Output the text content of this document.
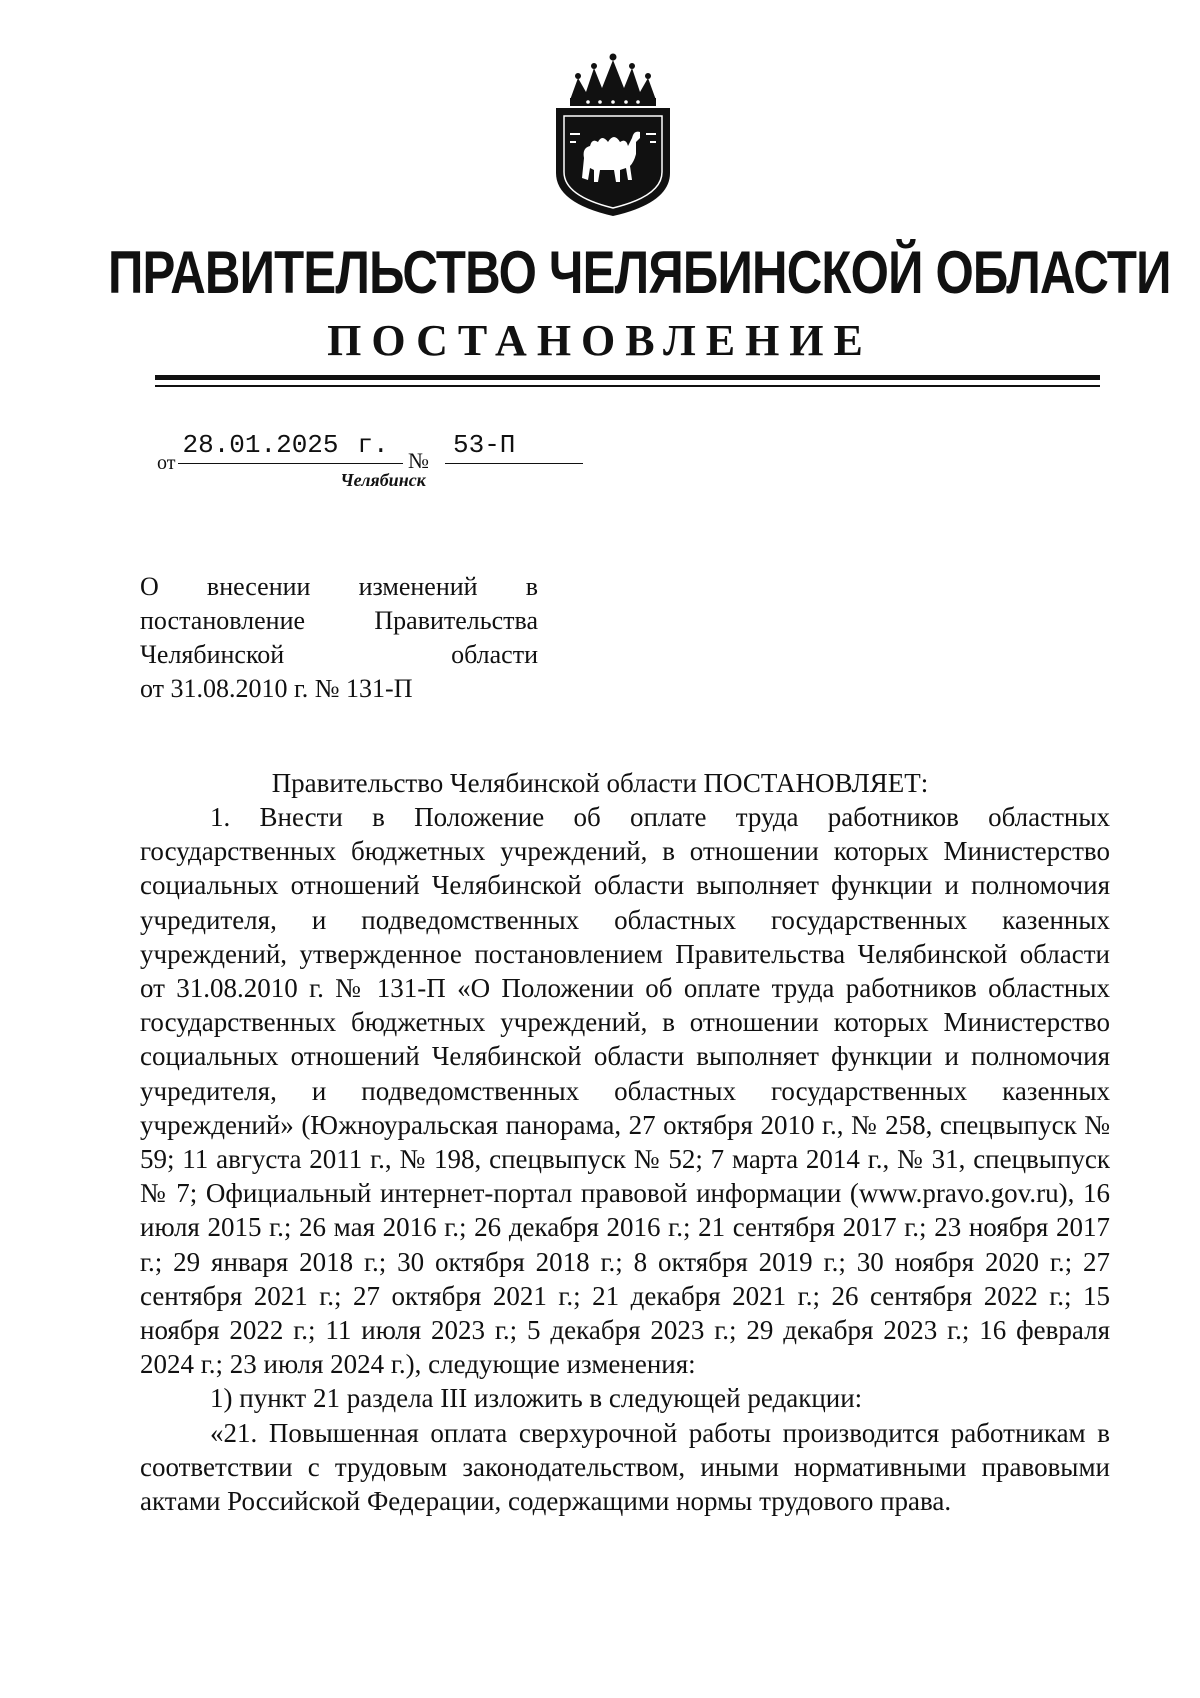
ПРАВИТЕЛЬСТВО ЧЕЛЯБИНСКОЙ ОБЛАСТИ
ПОСТАНОВЛЕНИЕ
от
28.01.2025 г.
№
53-П
Челябинск
О внесении изменений в
постановление Правительства
Челябинской области
от 31.08.2010 г. № 131-П
Правительство Челябинской области ПОСТАНОВЛЯЕТ:

1. Внести в Положение об оплате труда работников областных государственных бюджетных учреждений, в отношении которых Министерство социальных отношений Челябинской области выполняет функции и полномочия учредителя, и подведомственных областных государственных казенных учреждений, утвержденное постановлением Правительства Челябинской области от 31.08.2010 г. № 131-П «О Положении об оплате труда работников областных государственных бюджетных учреждений, в отношении которых Министерство социальных отношений Челябинской области выполняет функции и полномочия учредителя, и подведомственных областных государственных казенных учреждений» (Южноуральская панорама, 27 октября 2010 г., № 258, спецвыпуск № 59; 11 августа 2011 г., № 198, спецвыпуск № 52; 7 марта 2014 г., № 31, спецвыпуск № 7; Официальный интернет-портал правовой информации (www.pravo.gov.ru), 16 июля 2015 г.; 26 мая 2016 г.; 26 декабря 2016 г.; 21 сентября 2017 г.; 23 ноября 2017 г.; 29 января 2018 г.; 30 октября 2018 г.; 8 октября 2019 г.; 30 ноября 2020 г.; 27 сентября 2021 г.; 27 октября 2021 г.; 21 декабря 2021 г.; 26 сентября 2022 г.; 15 ноября 2022 г.; 11 июля 2023 г.; 5 декабря 2023 г.; 29 декабря 2023 г.; 16 февраля 2024 г.; 23 июля 2024 г.), следующие изменения:

1) пункт 21 раздела III изложить в следующей редакции:

«21. Повышенная оплата сверхурочной работы производится работникам в соответствии с трудовым законодательством, иными нормативными правовыми актами Российской Федерации, содержащими нормы трудового права.
